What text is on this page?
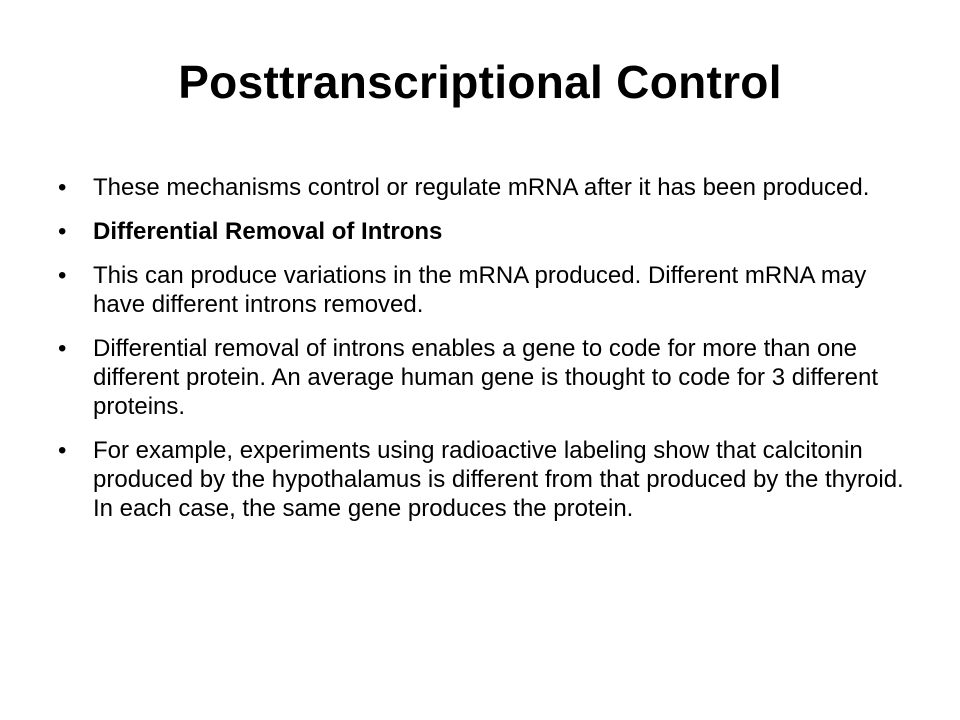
Posttranscriptional Control
• These mechanisms control or regulate mRNA after it has been produced.
• Differential Removal of Introns
• This can produce variations in the mRNA produced. Different mRNA may have different introns removed.
• Differential removal of introns enables a gene to code for more than one different protein. An average human gene is thought to code for 3 different proteins.
• For example, experiments using radioactive labeling show that calcitonin produced by the hypothalamus is different from that produced by the thyroid. In each case, the same gene produces the protein.
